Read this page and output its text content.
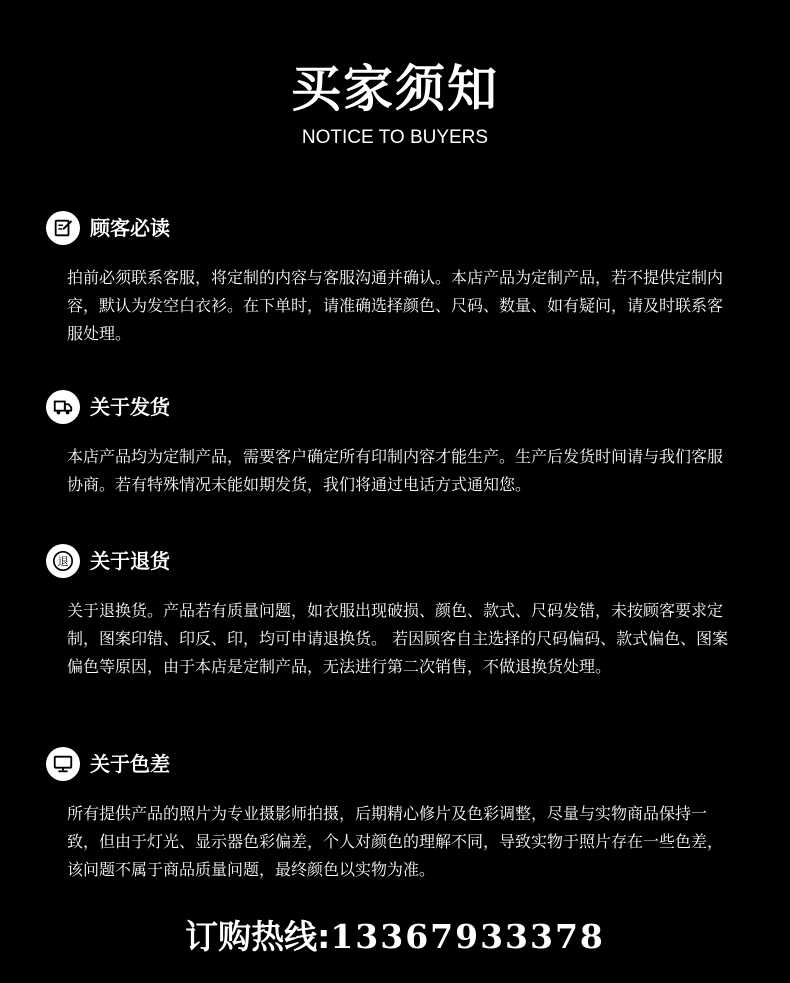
买家须知
NOTICE TO BUYERS
顾客必读
拍前必须联系客服，将定制的内容与客服沟通并确认。本店产品为定制产品，若不提供定制内容，默认为发空白衣衫。在下单时，请准确选择颜色、尺码、数量、如有疑问，请及时联系客服处理。
关于发货
本店产品均为定制产品，需要客户确定所有印制内容才能生产。生产后发货时间请与我们客服协商。若有特殊情况未能如期发货，我们将通过电话方式通知您。
退 关于退货
关于退换货。产品若有质量问题，如衣服出现破损、颜色、款式、尺码发错，未按顾客要求定制，图案印错、印反、印，均可申请退换货。 若因顾客自主选择的尺码偏码、款式偏色、图案偏色等原因，由于本店是定制产品，无法进行第二次销售，不做退换货处理。
关于色差
所有提供产品的照片为专业摄影师拍摄，后期精心修片及色彩调整，尽量与实物商品保持一致，但由于灯光、显示器色彩偏差，个人对颜色的理解不同，导致实物于照片存在一些色差，该问题不属于商品质量问题，最终颜色以实物为准。
订购热线:13367933378
